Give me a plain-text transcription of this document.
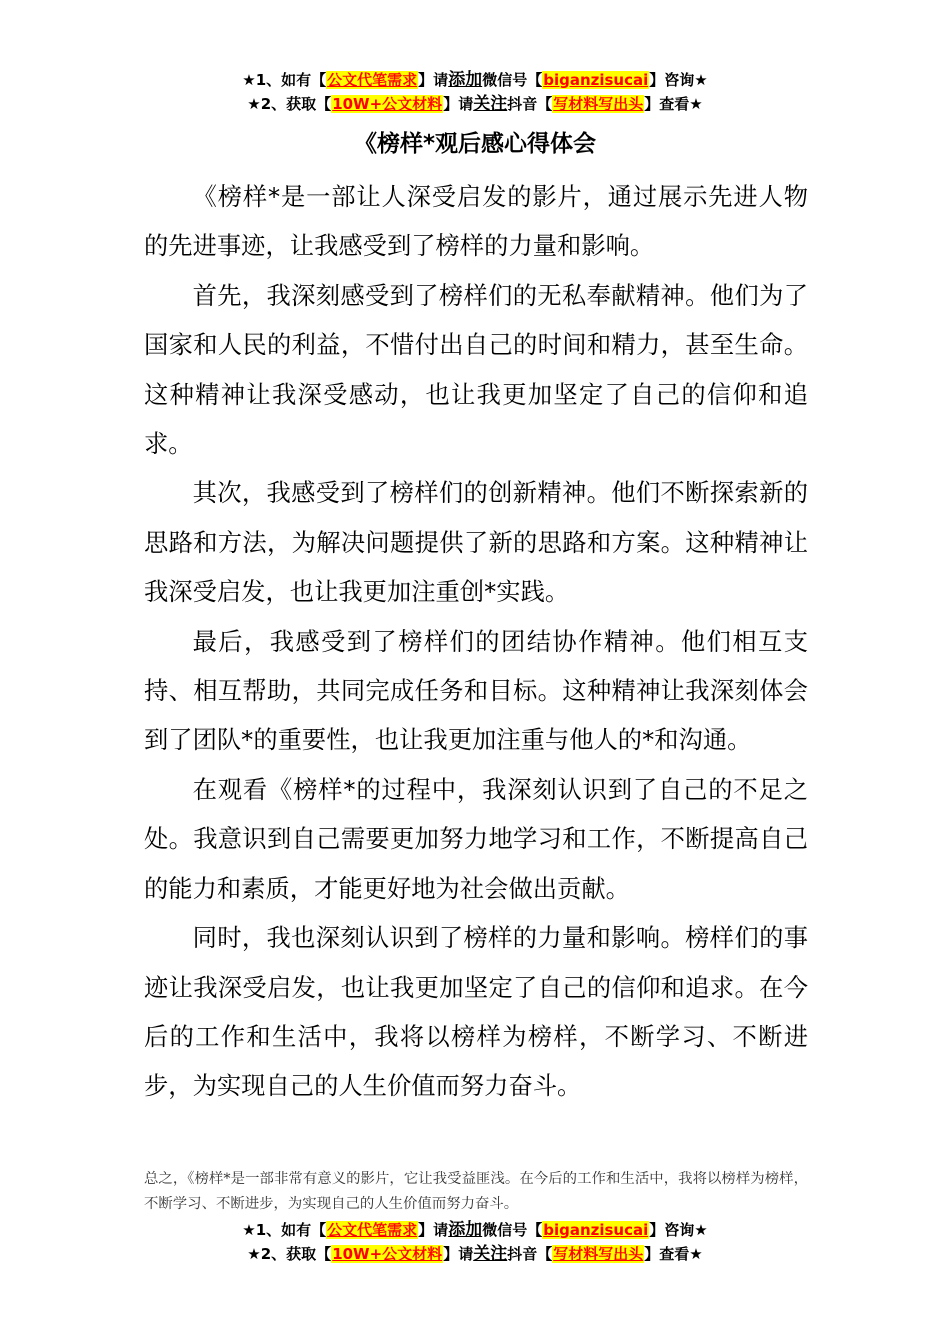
★1、如有【公文代笔需求】请添加微信号【biganzisucai】咨询★
★2、获取【10W+公文材料】请关注抖音【写材料写出头】查看★
《榜样*观后感心得体会

《榜样*是一部让人深受启发的影片，通过展示先进人物的先进事迹，让我感受到了榜样的力量和影响。

首先，我深刻感受到了榜样们的无私奉献精神。他们为了国家和人民的利益，不惜付出自己的时间和精力，甚至生命。这种精神让我深受感动，也让我更加坚定了自己的信仰和追求。

其次，我感受到了榜样们的创新精神。他们不断探索新的思路和方法，为解决问题提供了新的思路和方案。这种精神让我深受启发，也让我更加注重创*实践。

最后，我感受到了榜样们的团结协作精神。他们相互支持、相互帮助，共同完成任务和目标。这种精神让我深刻体会到了团队*的重要性，也让我更加注重与他人的*和沟通。

在观看《榜样*的过程中，我深刻认识到了自己的不足之处。我意识到自己需要更加努力地学习和工作，不断提高自己的能力和素质，才能更好地为社会做出贡献。

同时，我也深刻认识到了榜样的力量和影响。榜样们的事迹让我深受启发，也让我更加坚定了自己的信仰和追求。在今后的工作和生活中，我将以榜样为榜样，不断学习、不断进步，为实现自己的人生价值而努力奋斗。

总之，《榜样*是一部非常有意义的影片，它让我受益匪浅。在今后的工作和生活中，我将以榜样为榜样，不断学习、不断进步，为实现自己的人生价值而努力奋斗。
★1、如有【公文代笔需求】请添加微信号【biganzisucai】咨询★
★2、获取【10W+公文材料】请关注抖音【写材料写出头】查看★
